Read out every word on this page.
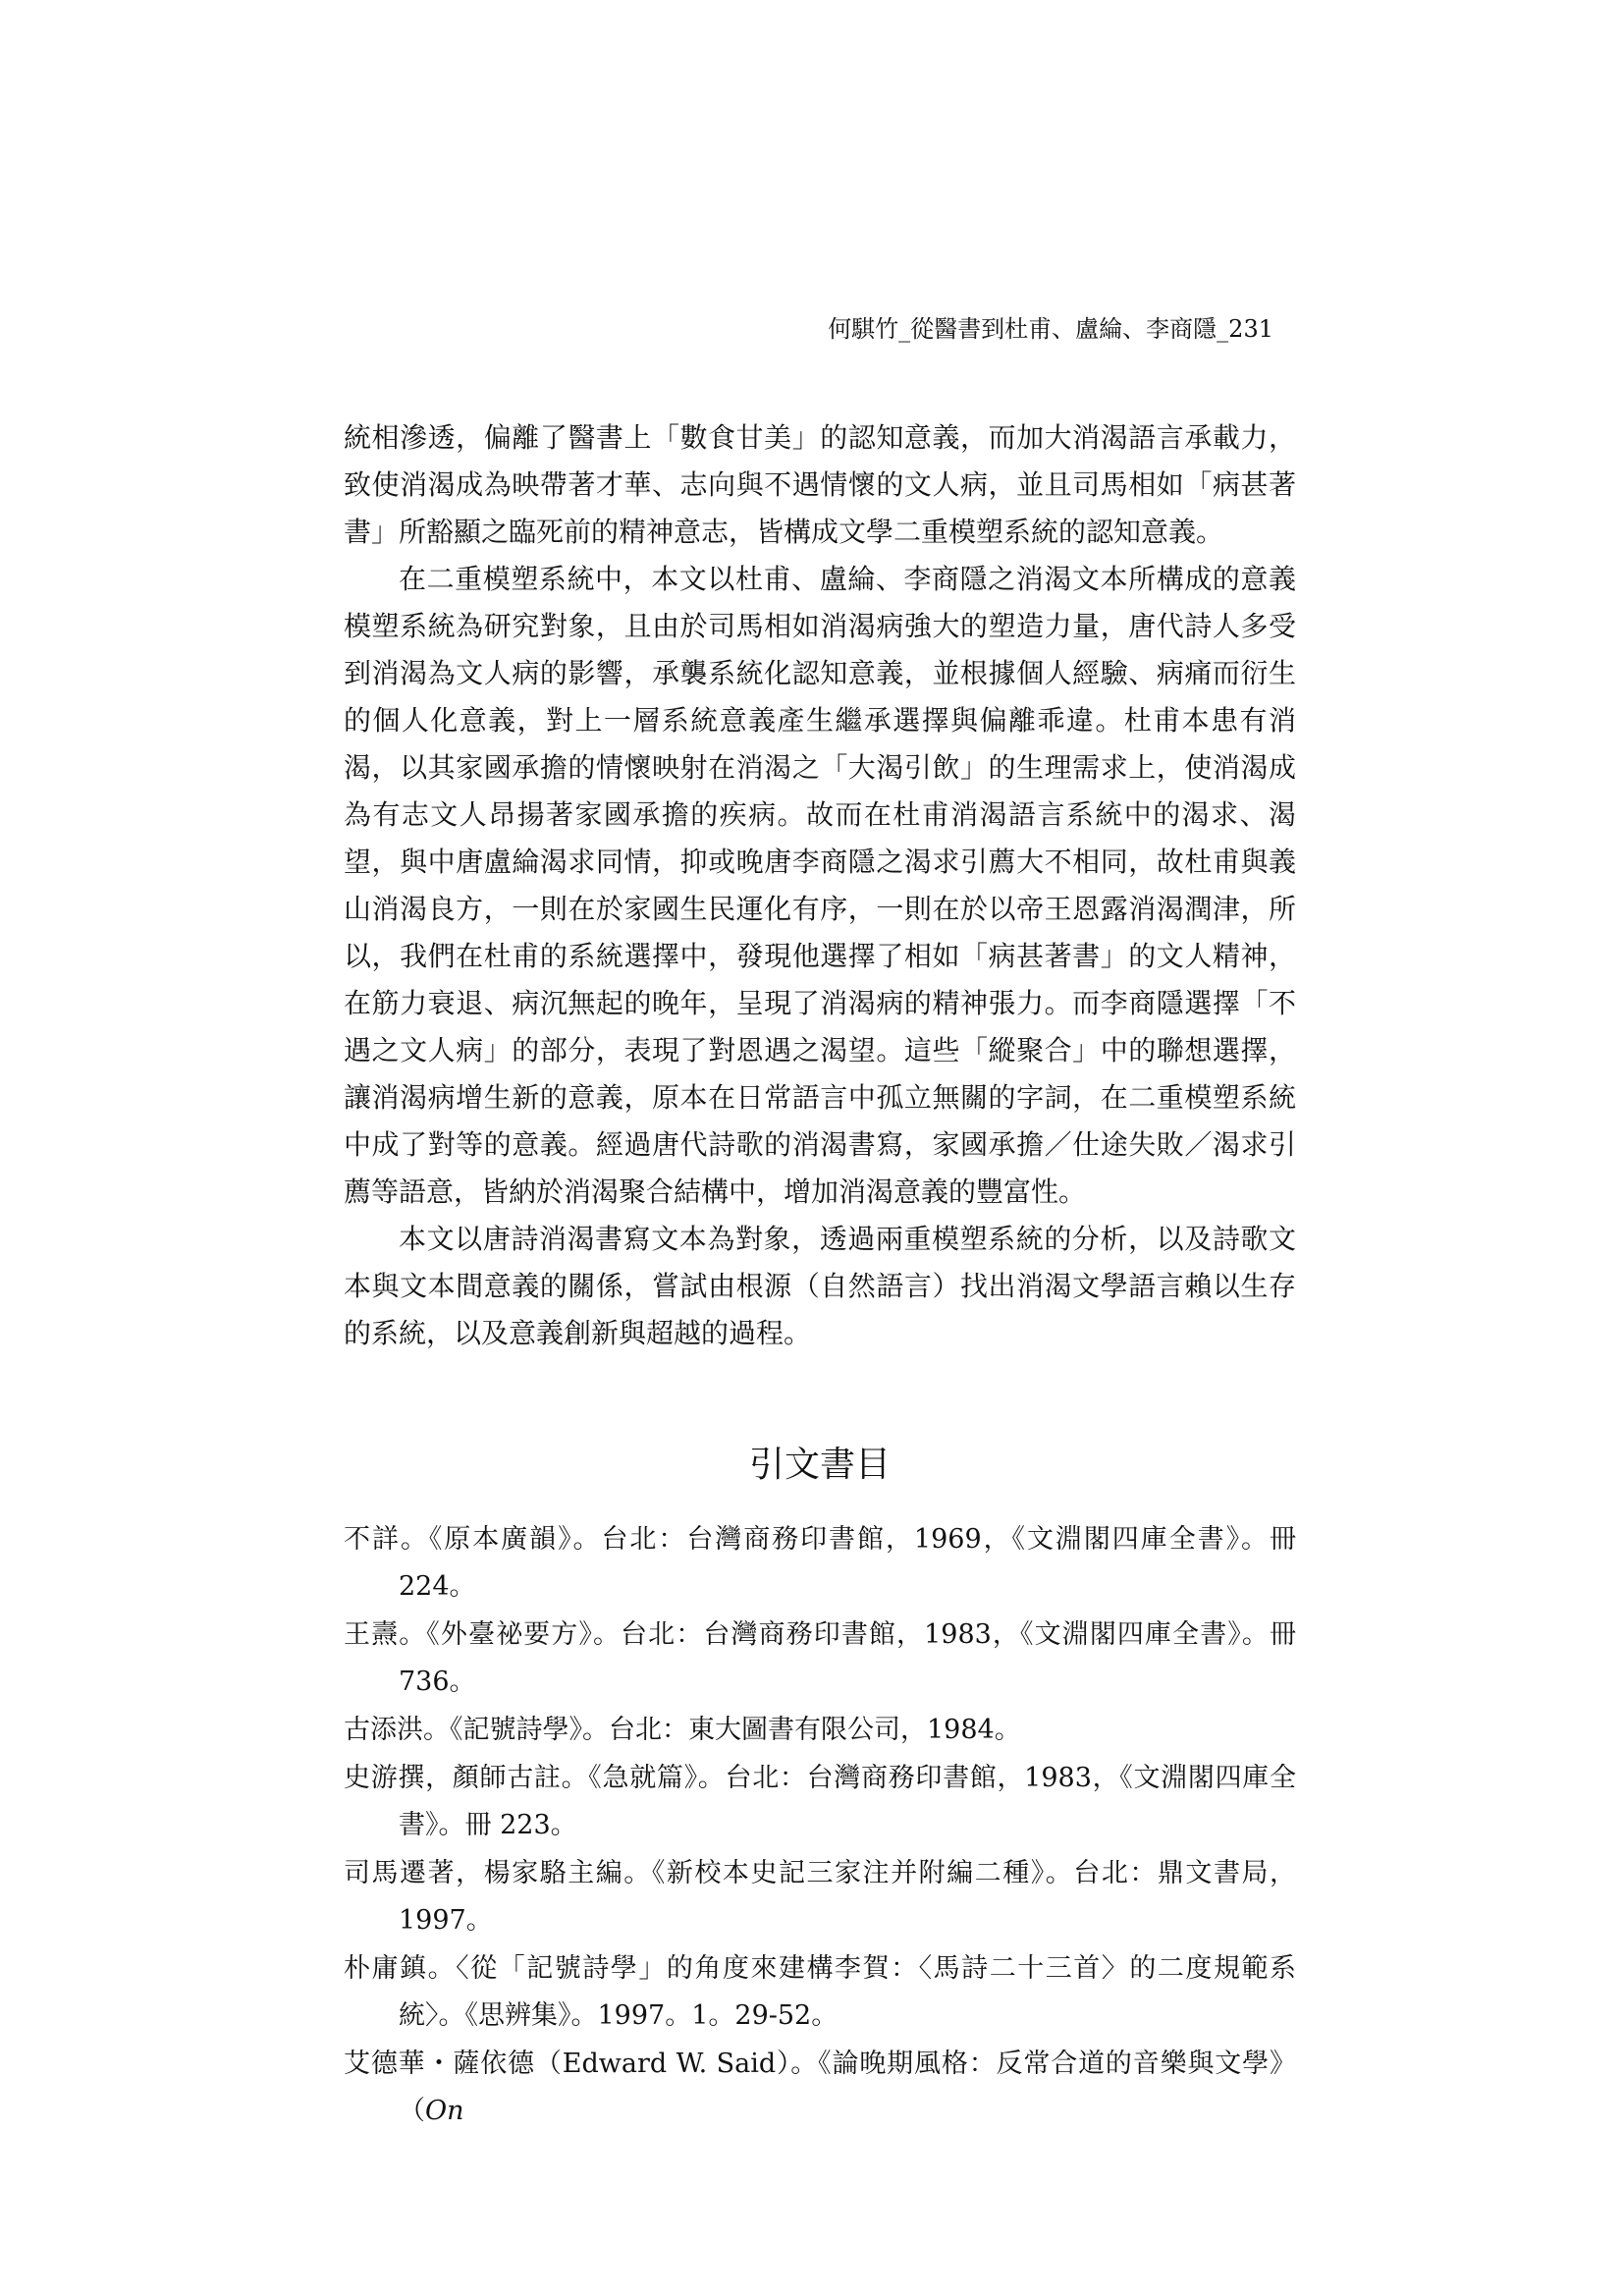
何騏竹_從醫書到杜甫、盧綸、李商隱_231

統相滲透，偏離了醫書上「數食甘美」的認知意義，而加大消渴語言承載力，致使消渴成為映帶著才華、志向與不遇情懷的文人病，並且司馬相如「病甚著書」所豁顯之臨死前的精神意志，皆構成文學二重模塑系統的認知意義。

在二重模塑系統中，本文以杜甫、盧綸、李商隱之消渴文本所構成的意義模塑系統為研究對象，且由於司馬相如消渴病強大的塑造力量，唐代詩人多受到消渴為文人病的影響，承襲系統化認知意義，並根據個人經驗、病痛而衍生的個人化意義，對上一層系統意義產生繼承選擇與偏離乖違。杜甫本患有消渴，以其家國承擔的情懷映射在消渴之「大渴引飲」的生理需求上，使消渴成為有志文人昂揚著家國承擔的疾病。故而在杜甫消渴語言系統中的渴求、渴望，與中唐盧綸渴求同情，抑或晚唐李商隱之渴求引薦大不相同，故杜甫與義山消渴良方，一則在於家國生民運化有序，一則在於以帝王恩露消渴潤津，所以，我們在杜甫的系統選擇中，發現他選擇了相如「病甚著書」的文人精神，在筋力衰退、病沉無起的晚年，呈現了消渴病的精神張力。而李商隱選擇「不遇之文人病」的部分，表現了對恩遇之渴望。這些「縱聚合」中的聯想選擇，讓消渴病增生新的意義，原本在日常語言中孤立無關的字詞，在二重模塑系統中成了對等的意義。經過唐代詩歌的消渴書寫，家國承擔／仕途失敗／渴求引薦等語意，皆納於消渴聚合結構中，增加消渴意義的豐富性。

本文以唐詩消渴書寫文本為對象，透過兩重模塑系統的分析，以及詩歌文本與文本間意義的關係，嘗試由根源（自然語言）找出消渴文學語言賴以生存的系統，以及意義創新與超越的過程。

引文書目

不詳。《原本廣韻》。台北：台灣商務印書館，1969，《文淵閣四庫全書》。冊 224。

王燾。《外臺祕要方》。台北：台灣商務印書館，1983，《文淵閣四庫全書》。冊 736。

古添洪。《記號詩學》。台北：東大圖書有限公司，1984。

史游撰，顏師古註。《急就篇》。台北：台灣商務印書館，1983，《文淵閣四庫全書》。冊 223。

司馬遷著，楊家駱主編。《新校本史記三家注并附編二種》。台北：鼎文書局，1997。

朴庸鎮。〈從「記號詩學」的角度來建構李賀：〈馬詩二十三首〉的二度規範系統〉。《思辨集》。1997。1。29-52。

艾德華・薩依德（Edward W. Said）。《論晚期風格：反常合道的音樂與文學》（On
